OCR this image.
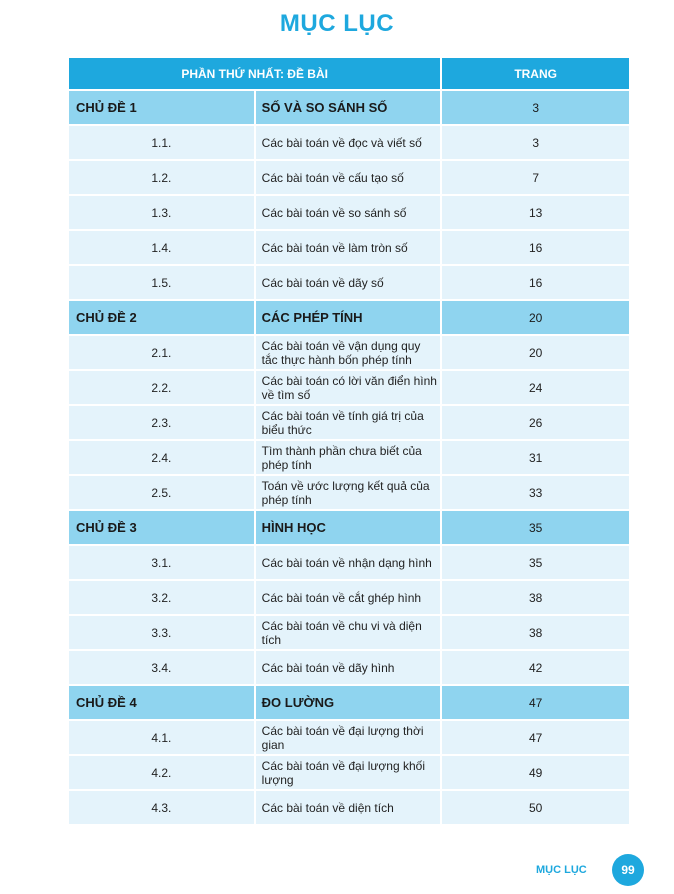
MỤC LỤC
PHẦN THỨ NHẤT: ĐỀ BÀI		TRANG
CHỦ ĐỀ 1	SỐ VÀ SO SÁNH SỐ	3
1.1.	Các bài toán về đọc và viết số	3
1.2.	Các bài toán về cấu tạo số	7
1.3.	Các bài toán về so sánh số	13
1.4.	Các bài toán về làm tròn số	16
1.5.	Các bài toán về dãy số	16
CHỦ ĐỀ 2	CÁC PHÉP TÍNH	20
2.1.	Các bài toán về vận dụng quy tắc thực hành bốn phép tính	20
2.2.	Các bài toán có lời văn điển hình về tìm số	24
2.3.	Các bài toán về tính giá trị của biểu thức	26
2.4.	Tìm thành phần chưa biết của phép tính	31
2.5.	Toán về ước lượng kết quả của phép tính	33
CHỦ ĐỀ 3	HÌNH HỌC	35
3.1.	Các bài toán về nhận dạng hình	35
3.2.	Các bài toán về cắt ghép hình	38
3.3.	Các bài toán về chu vi và diện tích	38
3.4.	Các bài toán về dãy hình	42
CHỦ ĐỀ 4	ĐO LƯỜNG	47
4.1.	Các bài toán về đại lượng thời gian	47
4.2.	Các bài toán về đại lượng khối lượng	49
4.3.	Các bài toán về diện tích	50
MỤC LỤC	99
